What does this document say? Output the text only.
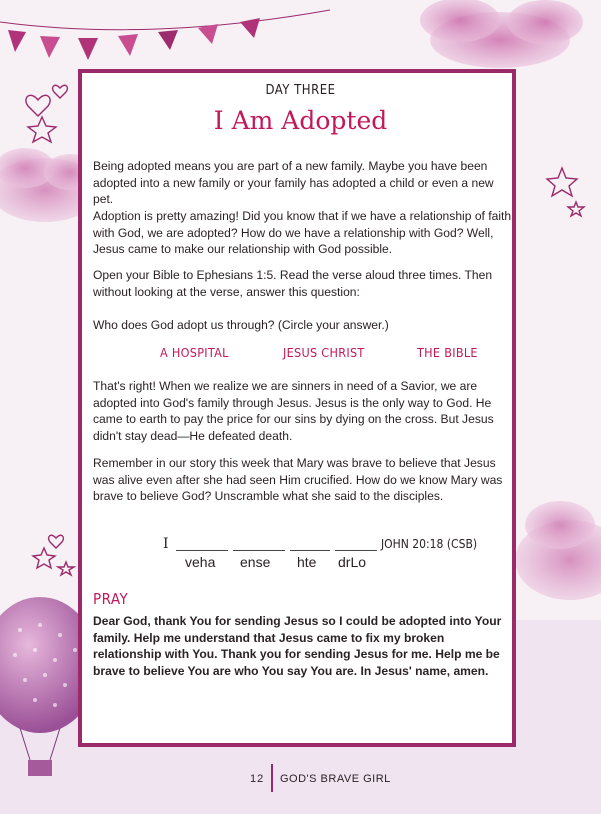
DAY THREE
I Am Adopted
Being adopted means you are part of a new family. Maybe you have been adopted into a new family or your family has adopted a child or even a new pet.
Adoption is pretty amazing! Did you know that if we have a relationship of faith with God, we are adopted? How do we have a relationship with God? Well, Jesus came to make our relationship with God possible.
Open your Bible to Ephesians 1:5. Read the verse aloud three times. Then without looking at the verse, answer this question:
Who does God adopt us through? (Circle your answer.)
A HOSPITAL	JESUS CHRIST	THE BIBLE
That's right! When we realize we are sinners in need of a Savior, we are adopted into God's family through Jesus. Jesus is the only way to God. He came to earth to pay the price for our sins by dying on the cross. But Jesus didn't stay dead—He defeated death.
Remember in our story this week that Mary was brave to believe that Jesus was alive even after she had seen Him crucified. How do we know Mary was brave to believe God? Unscramble what she said to the disciples.
I	JOHN 20:18 (CSB)
veha ense hte drLo
PRAY
Dear God, thank You for sending Jesus so I could be adopted into Your family. Help me understand that Jesus came to fix my broken relationship with You. Thank you for sending Jesus for me. Help me be brave to believe You are who You say You are. In Jesus' name, amen.
12 GOD'S BRAVE GIRL
